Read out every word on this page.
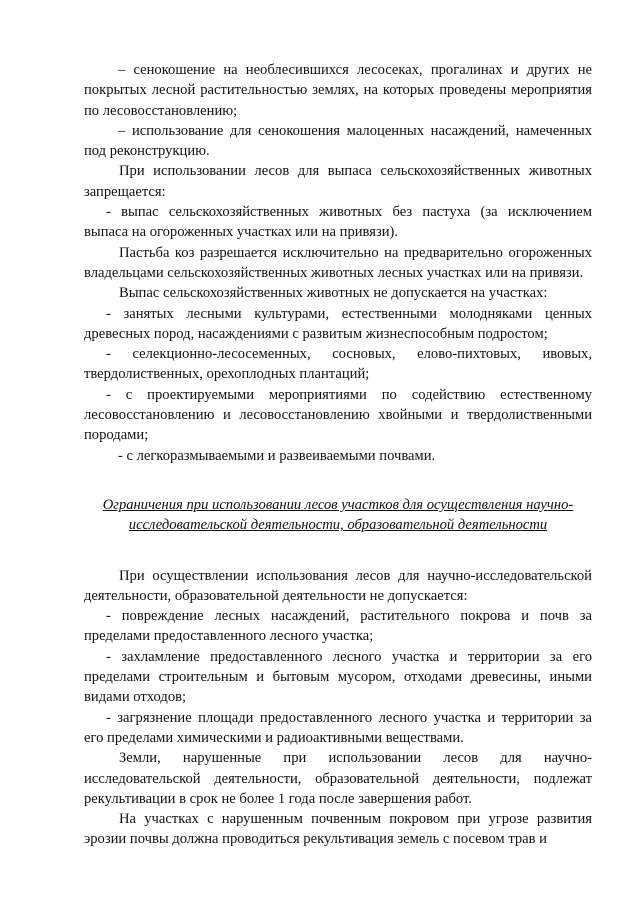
– сенокошение на необлесившихся лесосеках, прогалинах и других не покрытых лесной растительностью землях, на которых проведены мероприятия по лесовосстановлению;

– использование для сенокошения малоценных насаждений, намеченных под реконструкцию.

При использовании лесов для выпаса сельскохозяйственных животных запрещается:

- выпас сельскохозяйственных животных без пастуха (за исключением выпаса на огороженных участках или на привязи).

Пастьба коз разрешается исключительно на предварительно огороженных владельцами сельскохозяйственных животных лесных участках или на привязи.

Выпас сельскохозяйственных животных не допускается на участках:

- занятых лесными культурами, естественными молодняками ценных древесных пород, насаждениями с развитым жизнеспособным подростом;

- селекционно-лесосеменных, сосновых, елово-пихтовых, ивовых, твердолиственных, орехоплодных плантаций;

- с проектируемыми мероприятиями по содействию естественному лесовосстановлению и лесовосстановлению хвойными и твердолиственными породами;

- с легкоразмываемыми и развеиваемыми почвами.

Ограничения при использовании лесов участков для осуществления научно-исследовательской деятельности, образовательной деятельности

При осуществлении использования лесов для научно-исследовательской деятельности, образовательной деятельности не допускается:

- повреждение лесных насаждений, растительного покрова и почв за пределами предоставленного лесного участка;

- захламление предоставленного лесного участка и территории за его пределами строительным и бытовым мусором, отходами древесины, иными видами отходов;

- загрязнение площади предоставленного лесного участка и территории за его пределами химическими и радиоактивными веществами.

Земли, нарушенные при использовании лесов для научно-исследовательской деятельности, образовательной деятельности, подлежат рекультивации в срок не более 1 года после завершения работ.

На участках с нарушенным почвенным покровом при угрозе развития эрозии почвы должна проводиться рекультивация земель с посевом трав и
